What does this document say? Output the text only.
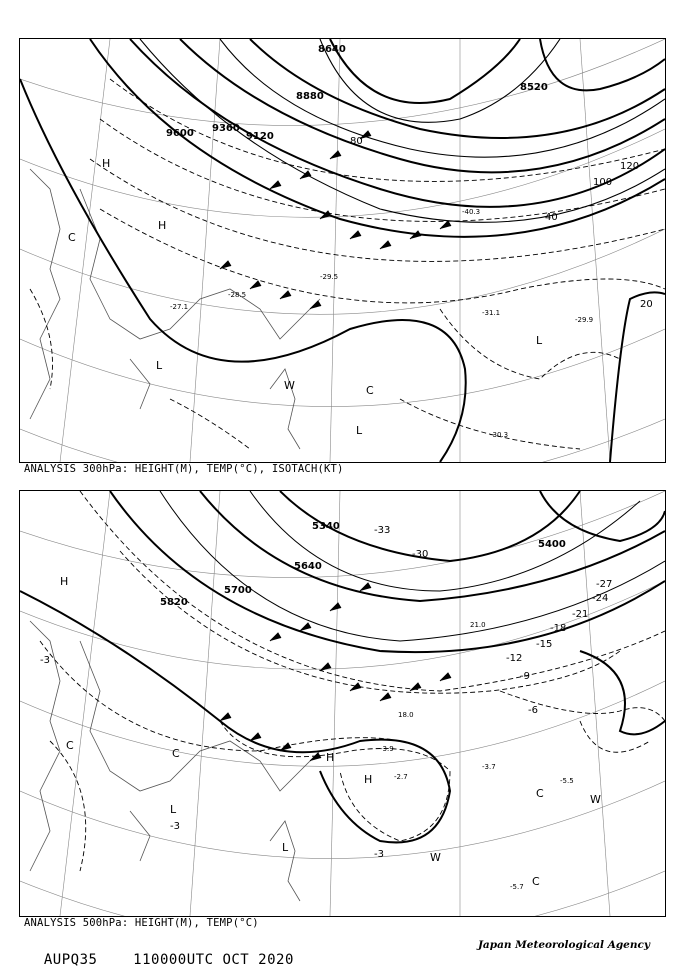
9600 9360
9120
8880
8640
8520
120
100
80
40
20
H
H
L
L
W	C
L
C
-29.5
-28.5
-30.3
-31.1
-29.9
-40.3
-27.1
ANALYSIS 300hPa: HEIGHT(M), TEMP(°C), ISOTACH(KT)
5820
5700
5640
5340
5400
-33
-30
-27
-24
-21
-18
-15
-12
-9
-6
-3
-3
-3
H
H
H
L
L
W
C
C
C
C	W
-3.9
-2.7	-5.5
-5.7
-3.7
21.0
18.0
ANALYSIS 500hPa: HEIGHT(M), TEMP(°C)

AUPQ35	110000UTC OCT 2020

Japan Meteorological Agency
